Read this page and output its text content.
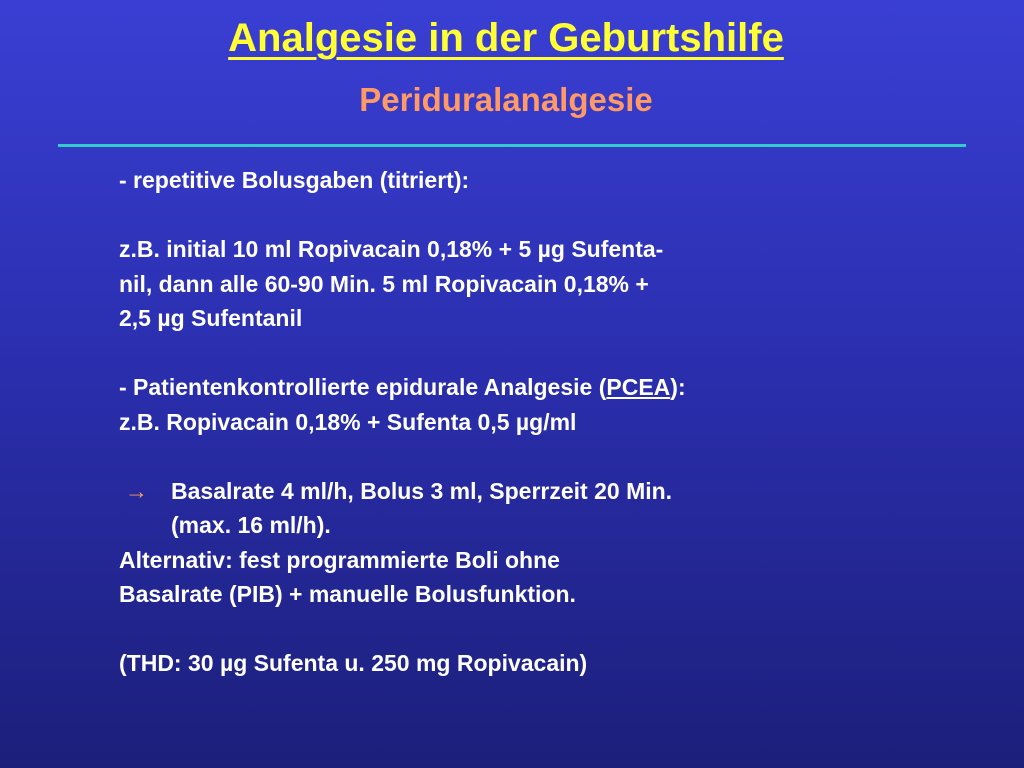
Analgesie in der Geburtshilfe
Periduralanalgesie
- repetitive Bolusgaben (titriert):
z.B. initial 10 ml Ropivacain 0,18% + 5 µg Sufenta-
nil, dann alle 60-90 Min. 5 ml Ropivacain 0,18% +
2,5 µg Sufentanil
- Patientenkontrollierte epidurale Analgesie (PCEA):
z.B. Ropivacain 0,18% + Sufenta 0,5 µg/ml
→ Basalrate 4 ml/h, Bolus 3 ml, Sperrzeit 20 Min.
(max. 16 ml/h).
Alternativ: fest programmierte Boli ohne
Basalrate (PIB) + manuelle Bolusfunktion.
(THD: 30 µg Sufenta u. 250 mg Ropivacain)
